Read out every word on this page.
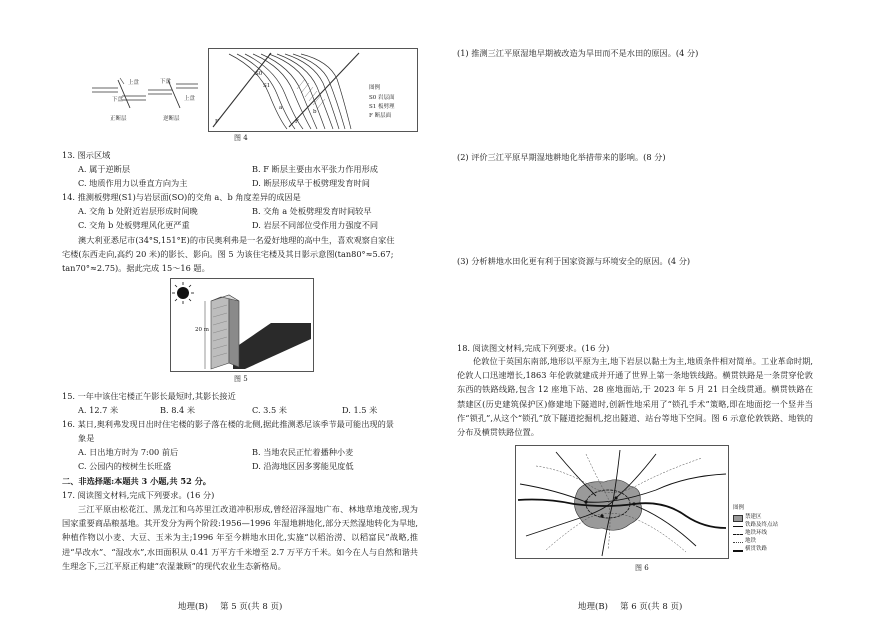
上盘
下盘
下盘
上盘
正断层	逆断层
S0
S1
F
a
b
F
图例
S0 岩层面
S1 板劈理
F 断层面
图 4
13. 图示区域
A. 属于逆断层	B. F 断层主要由水平张力作用形成
C. 地质作用力以垂直方向为主	D. 断层形成早于板劈理发育时间
14. 推测板劈理(S1)与岩层面(SO)的交角 a、b 角度差异的成因是
A. 交角 b 处附近岩层形成时间晚	B. 交角 a 处板劈理发育时间较早
C. 交角 b 处板劈理风化更严重	D. 岩层不同部位受作用力强度不同
澳大利亚悉尼市(34°S,151°E)的市民奥利弗是一名爱好地理的高中生，喜欢观察自家住
宅楼(东西走向,高约 20 米)的影长、影向。图 5 为该住宅楼及其日影示意图(tan80°≈5.67;
tan70°≈2.75)。据此完成 15～16 题。
20 m
图 5
15. 一年中该住宅楼正午影长最短时,其影长接近
A. 12.7 米	B. 8.4 米	C. 3.5 米	D. 1.5 米
16. 某日,奥利弗发现日出时住宅楼的影子落在楼的北侧,据此推测悉尼该季节最可能出现的景
象是
A. 日出地方时为 7:00 前后	B. 当地农民正忙着播种小麦
C. 公园内的桉树生长旺盛	D. 沿海地区因多雾能见度低
二、非选择题:本题共 3 小题,共 52 分。
17. 阅读图文材料,完成下列要求。(16 分)
三江平原由松花江、黑龙江和乌苏里江改道冲积形成,曾经沼泽湿地广布、林地草地茂密,现为国家重要商品粮基地。其开发分为两个阶段:1956—1996 年湿地耕地化,部分天然湿地转化为旱地,种植作物以小麦、大豆、玉米为主;1996 年至今耕地水田化,实施“以稻治涝、以稻富民”战略,推进“旱改水”、“湿改水”,水田面积从 0.41 万平方千米增至 2.7 万平方千米。如今在人与自然和谐共生理念下,三江平原正构建“农湿兼顾”的现代农业生态新格局。
地理(B) 第 5 页(共 8 页)
(1) 推测三江平原湿地早期被改造为旱田而不是水田的原因。(4 分)
(2) 评价三江平原早期湿地耕地化举措带来的影响。(8 分)
(3) 分析耕地水田化更有利于国家资源与环境安全的原因。(4 分)
18. 阅读图文材料,完成下列要求。(16 分)
伦敦位于英国东南部,地形以平原为主,地下岩层以黏土为主,地质条件相对简单。工业革命时期,伦敦人口迅速增长,1863 年伦敦就建成并开通了世界上第一条地铁线路。横贯铁路是一条贯穿伦敦东西的铁路线路,包含 12 座地下站、28 座地面站,于 2023 年 5 月 21 日全线贯通。横贯铁路在禁建区(历史建筑保护区)修建地下隧道时,创新性地采用了“锁孔手术”策略,即在地面挖一个竖井当作“锁孔”,从这个“锁孔”放下隧道挖掘机,挖出隧道、站台等地下空间。图 6 示意伦敦铁路、地铁的分布及横贯铁路位置。
图例
禁建区
铁路及终点站
地铁环线
地铁
横贯铁路
图 6
地理(B) 第 6 页(共 8 页)
